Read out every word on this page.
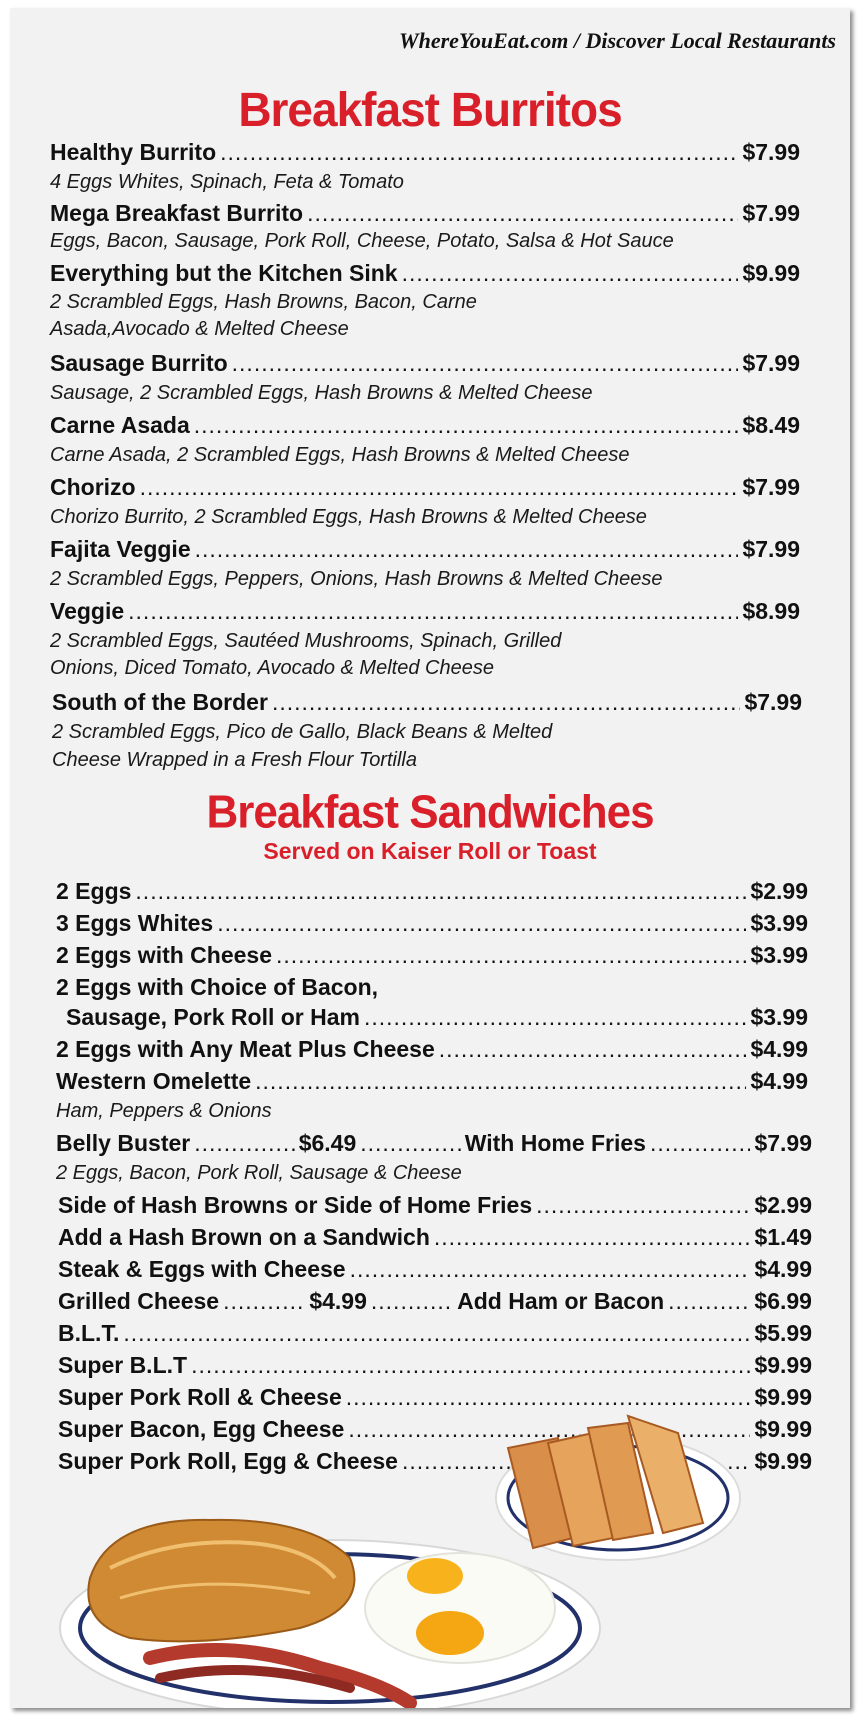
WhereYouEat.com / Discover Local Restaurants
Breakfast Burritos
Healthy Burrito .....	$7.99
4 Eggs Whites, Spinach, Feta & Tomato
Mega Breakfast Burrito .....	$7.99
Eggs, Bacon, Sausage, Pork Roll, Cheese, Potato, Salsa & Hot Sauce
Everything but the Kitchen Sink .....	$9.99
2 Scrambled Eggs, Hash Browns, Bacon, Carne
Asada,Avocado & Melted Cheese
Sausage Burrito .....	$7.99
Sausage, 2 Scrambled Eggs, Hash Browns & Melted Cheese
Carne Asada .....	$8.49
Carne Asada, 2 Scrambled Eggs, Hash Browns & Melted Cheese
Chorizo .....	$7.99
Chorizo Burrito, 2 Scrambled Eggs, Hash Browns & Melted Cheese
Fajita Veggie .....	$7.99
2 Scrambled Eggs, Peppers, Onions, Hash Browns & Melted Cheese
Veggie .....	$8.99
2 Scrambled Eggs, Sautéed Mushrooms, Spinach, Grilled
Onions, Diced Tomato, Avocado & Melted Cheese
South of the Border .....	$7.99
2 Scrambled Eggs, Pico de Gallo, Black Beans & Melted
Cheese Wrapped in a Fresh Flour Tortilla
Breakfast Sandwiches
Served on Kaiser Roll or Toast
2 Eggs .....	$2.99
3 Eggs Whites .....	$3.99
2 Eggs with Cheese .....	$3.99
2 Eggs with Choice of Bacon,
Sausage, Pork Roll or Ham .....	$3.99
2 Eggs with Any Meat Plus Cheese .....	$4.99
Western Omelette .....	$4.99
Ham, Peppers & Onions
Belly Buster .....	$6.49 .....	With Home Fries .....	$7.99
2 Eggs, Bacon, Pork Roll, Sausage & Cheese
Side of Hash Browns or Side of Home Fries .....	$2.99
Add a Hash Brown on a Sandwich .....	$1.49
Steak & Eggs with Cheese .....	$4.99
Grilled Cheese .....	$4.99 .....	Add Ham or Bacon .....	$6.99
B.L.T. .....	$5.99
Super B.L.T .....	$9.99
Super Pork Roll & Cheese .....	$9.99
Super Bacon, Egg Cheese .....	$9.99
Super Pork Roll, Egg & Cheese .....	$9.99
